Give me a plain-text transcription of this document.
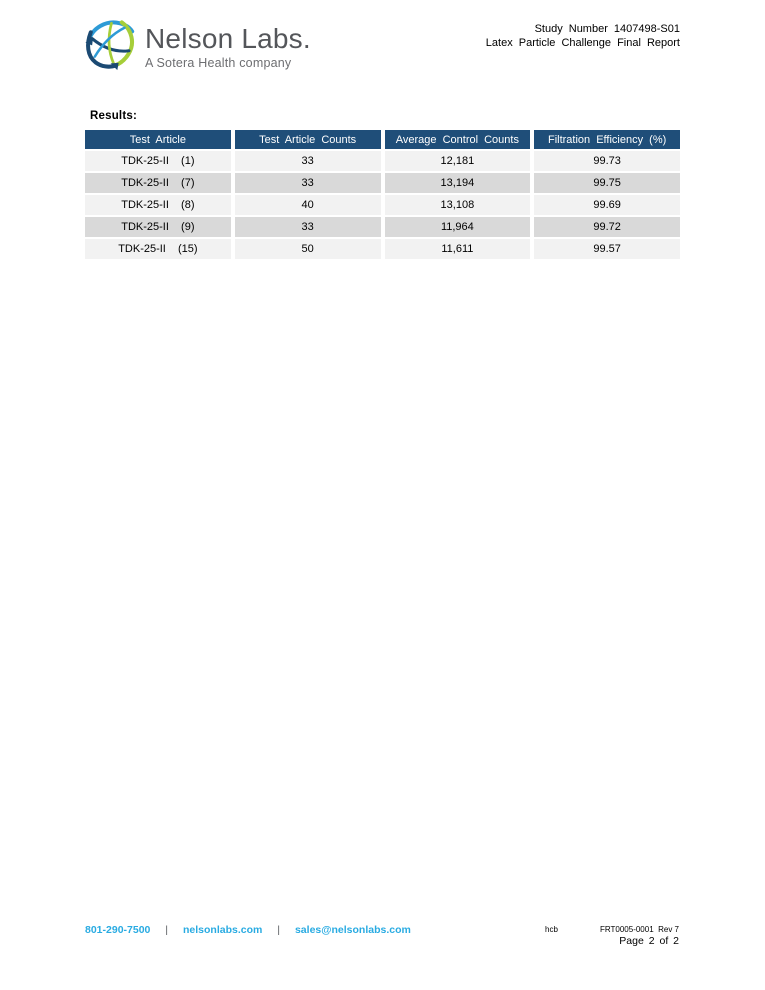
Nelson Labs.
A Sotera Health company
Study Number 1407498-S01
Latex Particle Challenge Final Report
Results:
Test Article	Test Article Counts	Average Control Counts	Filtration Efficiency (%)
TDK-25-II  (1)	33	12,181	99.73
TDK-25-II  (7)	33	13,194	99.75
TDK-25-II  (8)	40	13,108	99.69
TDK-25-II  (9)	33	11,964	99.72
TDK-25-II  (15)	50	11,611	99.57
801-290-7500 | nelsonlabs.com | sales@nelsonlabs.com	hcb	FRT0005-0001  Rev 7
Page 2 of 2
